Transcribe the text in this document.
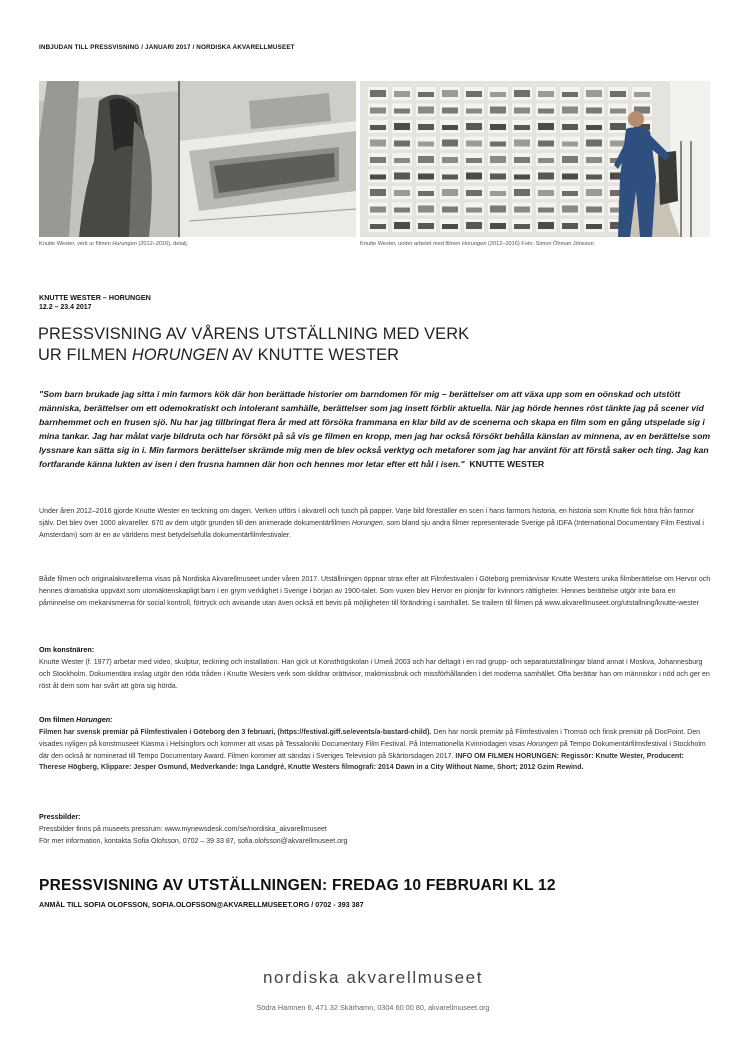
INBJUDAN TILL PRESSVISNING / JANUARI 2017 / NORDISKA AKVARELLMUSEET
Knutte Wester, verk ur filmen Horungen (2012–2016), detalj.	Knutte Wester, under arbetet med filmen Horungen (2012–2016) Foto: Simon Öhman Jönsson
KNUTTE WESTER – HORUNGEN
12.2 – 23.4 2017
PRESSVISNING AV VÅRENS UTSTÄLLNING MED VERK
UR FILMEN HORUNGEN AV KNUTTE WESTER

"Som barn brukade jag sitta i min farmors kök där hon berättade historier om barndomen för mig – berättelser om att växa upp som en oönskad och utstött människa, berättelser om ett odemokratiskt och intolerant samhälle, berättelser som jag insett förblir aktuella. När jag hörde hennes röst tänkte jag på scener vid barnhemmet och en frusen sjö. Nu har jag tillbringat flera år med att försöka frammana en klar bild av de scenerna och skapa en film som en gång utspelade sig i mina tankar. Jag har målat varje bildruta och har försökt på så vis ge filmen en kropp, men jag har också försökt behålla känslan av minnena, av en berättelse som lyssnare kan sätta sig in i. Min farmors berättelser skrämde mig men de blev också verktyg och metaforer som jag har använt för att förstå saker och ting. Jag kan fortfarande känna lukten av isen i den frusna hamnen där hon och hennes mor letar efter ett hål i isen." KNUTTE WESTER

Under åren 2012–2016 gjorde Knutte Wester en teckning om dagen. Verken utförs i akvarell och tusch på papper. Varje bild föreställer en scen i hans farmors historia, en historia som Knutte fick höra från farmor själv. Det blev över 1000 akvareller. 670 av dem utgör grunden till den animerade dokumentärfilmen Horungen, som bland sju andra filmer representerade Sverige på IDFA (International Documentary Film Festival i Amsterdam) som är en av världens mest betydelsefulla dokumentärfilmfestivaler.

Både filmen och originalakvarellerna visas på Nordiska Akvarellmuseet under våren 2017. Utställningen öppnar strax efter att Filmfestivalen i Göteborg premiärvisar Knutte Westers unika filmberättelse om Hervor och hennes dramatiska uppväxt som utomäktenskapligt barn i en grym verklighet i Sverige i början av 1900-talet. Som vuxen blev Hervor en pionjär för kvinnors rättigheter. Hennes berättelse utgör inte bara en påminnelse om mekanismerna för social kontroll, förtryck och avisande utan även också ett bevis på möjligheten till förändring i samhället. Se trailern till filmen på www.akvarellmuseet.org/utstallning/knutte-wester

Om konstnären:

Knutte Wester (f. 1977) arbetar med video, skulptur, teckning och installation. Han gick ut Konsthögskolan i Umeå 2003 och har deltagit i en rad grupp- och separatutställningar bland annat i Moskva, Johannesburg och Stockholm. Dokumentära inslag utgör den röda tråden i Knutte Westers verk som skildrar orättvisor, maktmissbruk och missförhållanden i det moderna samhället. Ofta berättar han om människor i nöd och ger en röst åt dem som har svårt att göra sig hörda.

Om filmen Horungen:

Filmen har svensk premiär på Filmfestivalen i Göteborg den 3 februari, (https://festival.giff.se/events/a-bastard-child). Den har norsk premiär på Filmfestivalen i Tromsö och finsk premiär på DocPoint. Den visades nyligen på konstmuseet Kiasma i Helsingfors och kommer att visas på Tessaloniki Documentary Film Festival. På Internationella Kvinnodagen visas Horungen på Tempo Dokumentärfilmsfestival i Stockholm där den också är nominerad till Tempo Documentary Award. Filmen kommer att sändas i Sveriges Television på Skärtorsdagen 2017. INFO OM FILMEN HORUNGEN: Regissör: Knutte Wester, Producent: Therese Högberg, Klippare: Jesper Osmund, Medverkande: Inga Landgré, Knutte Westers filmografi: 2014 Dawn in a City Without Name, Short; 2012 Gzim Rewind.

Pressbilder:

Pressbilder finns på museets pressrum: www.mynewsdesk.com/se/nordiska_akvarellmuseet
För mer information, kontakta Sofia Olofsson, 0702 – 39 33 87, sofia.olofsson@akvarellmuseet.org

PRESSVISNING AV UTSTÄLLNINGEN: FREDAG 10 FEBRUARI KL 12
ANMÄL TILL SOFIA OLOFSSON, SOFIA.OLOFSSON@AKVARELLMUSEET.ORG / 0702 - 393 387
nordiska akvarellmuseet
Södra Hamnen 6, 471 32 Skärhamn, 0304 60 00 80, akvarellmuseet.org
